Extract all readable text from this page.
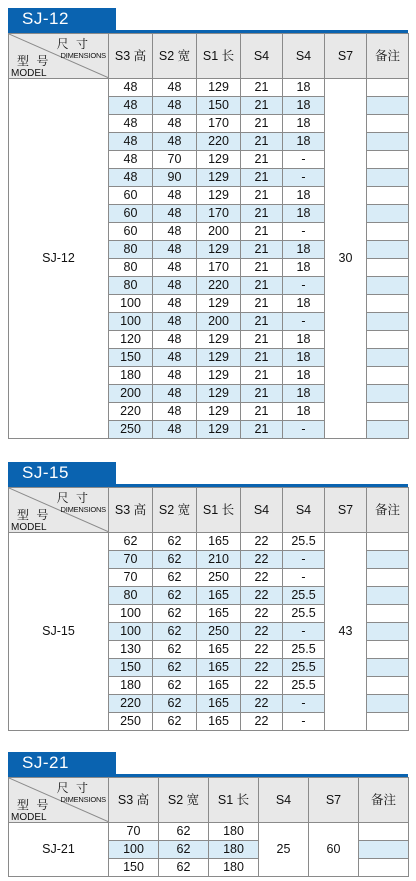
SJ-12
尺 寸
DIMENSIONS
型 号
MODEL	S3 高	S2 宽	S1 长	S4	S4	S7	备注
SJ-12	48	48	129	21	18	30	
	48	48	150	21	18		
	48	48	170	21	18		
	48	48	220	21	18		
	48	70	129	21	-		
	48	90	129	21	-		
	60	48	129	21	18		
	60	48	170	21	18		
	60	48	200	21	-		
	80	48	129	21	18		
	80	48	170	21	18		
	80	48	220	21	-		
	100	48	129	21	18		
	100	48	200	21	-		
	120	48	129	21	18		
	150	48	129	21	18		
	180	48	129	21	18		
	200	48	129	21	18		
	220	48	129	21	18		
	250	48	129	21	-		
SJ-15
尺 寸
DIMENSIONS
型 号
MODEL	S3 高	S2 宽	S1 长	S4	S4	S7	备注
SJ-15	62	62	165	22	25.5	43	
	70	62	210	22	-		
	70	62	250	22	-		
	80	62	165	22	25.5		
	100	62	165	22	25.5		
	100	62	250	22	-		
	130	62	165	22	25.5		
	150	62	165	22	25.5		
	180	62	165	22	25.5		
	220	62	165	22	-		
	250	62	165	22	-		
SJ-21
尺 寸
DIMENSIONS
型 号
MODEL	S3 高	S2 宽	S1 长	S4	S7	备注
SJ-21	70	62	180	25	60	
	100	62	180			
	150	62	180			
